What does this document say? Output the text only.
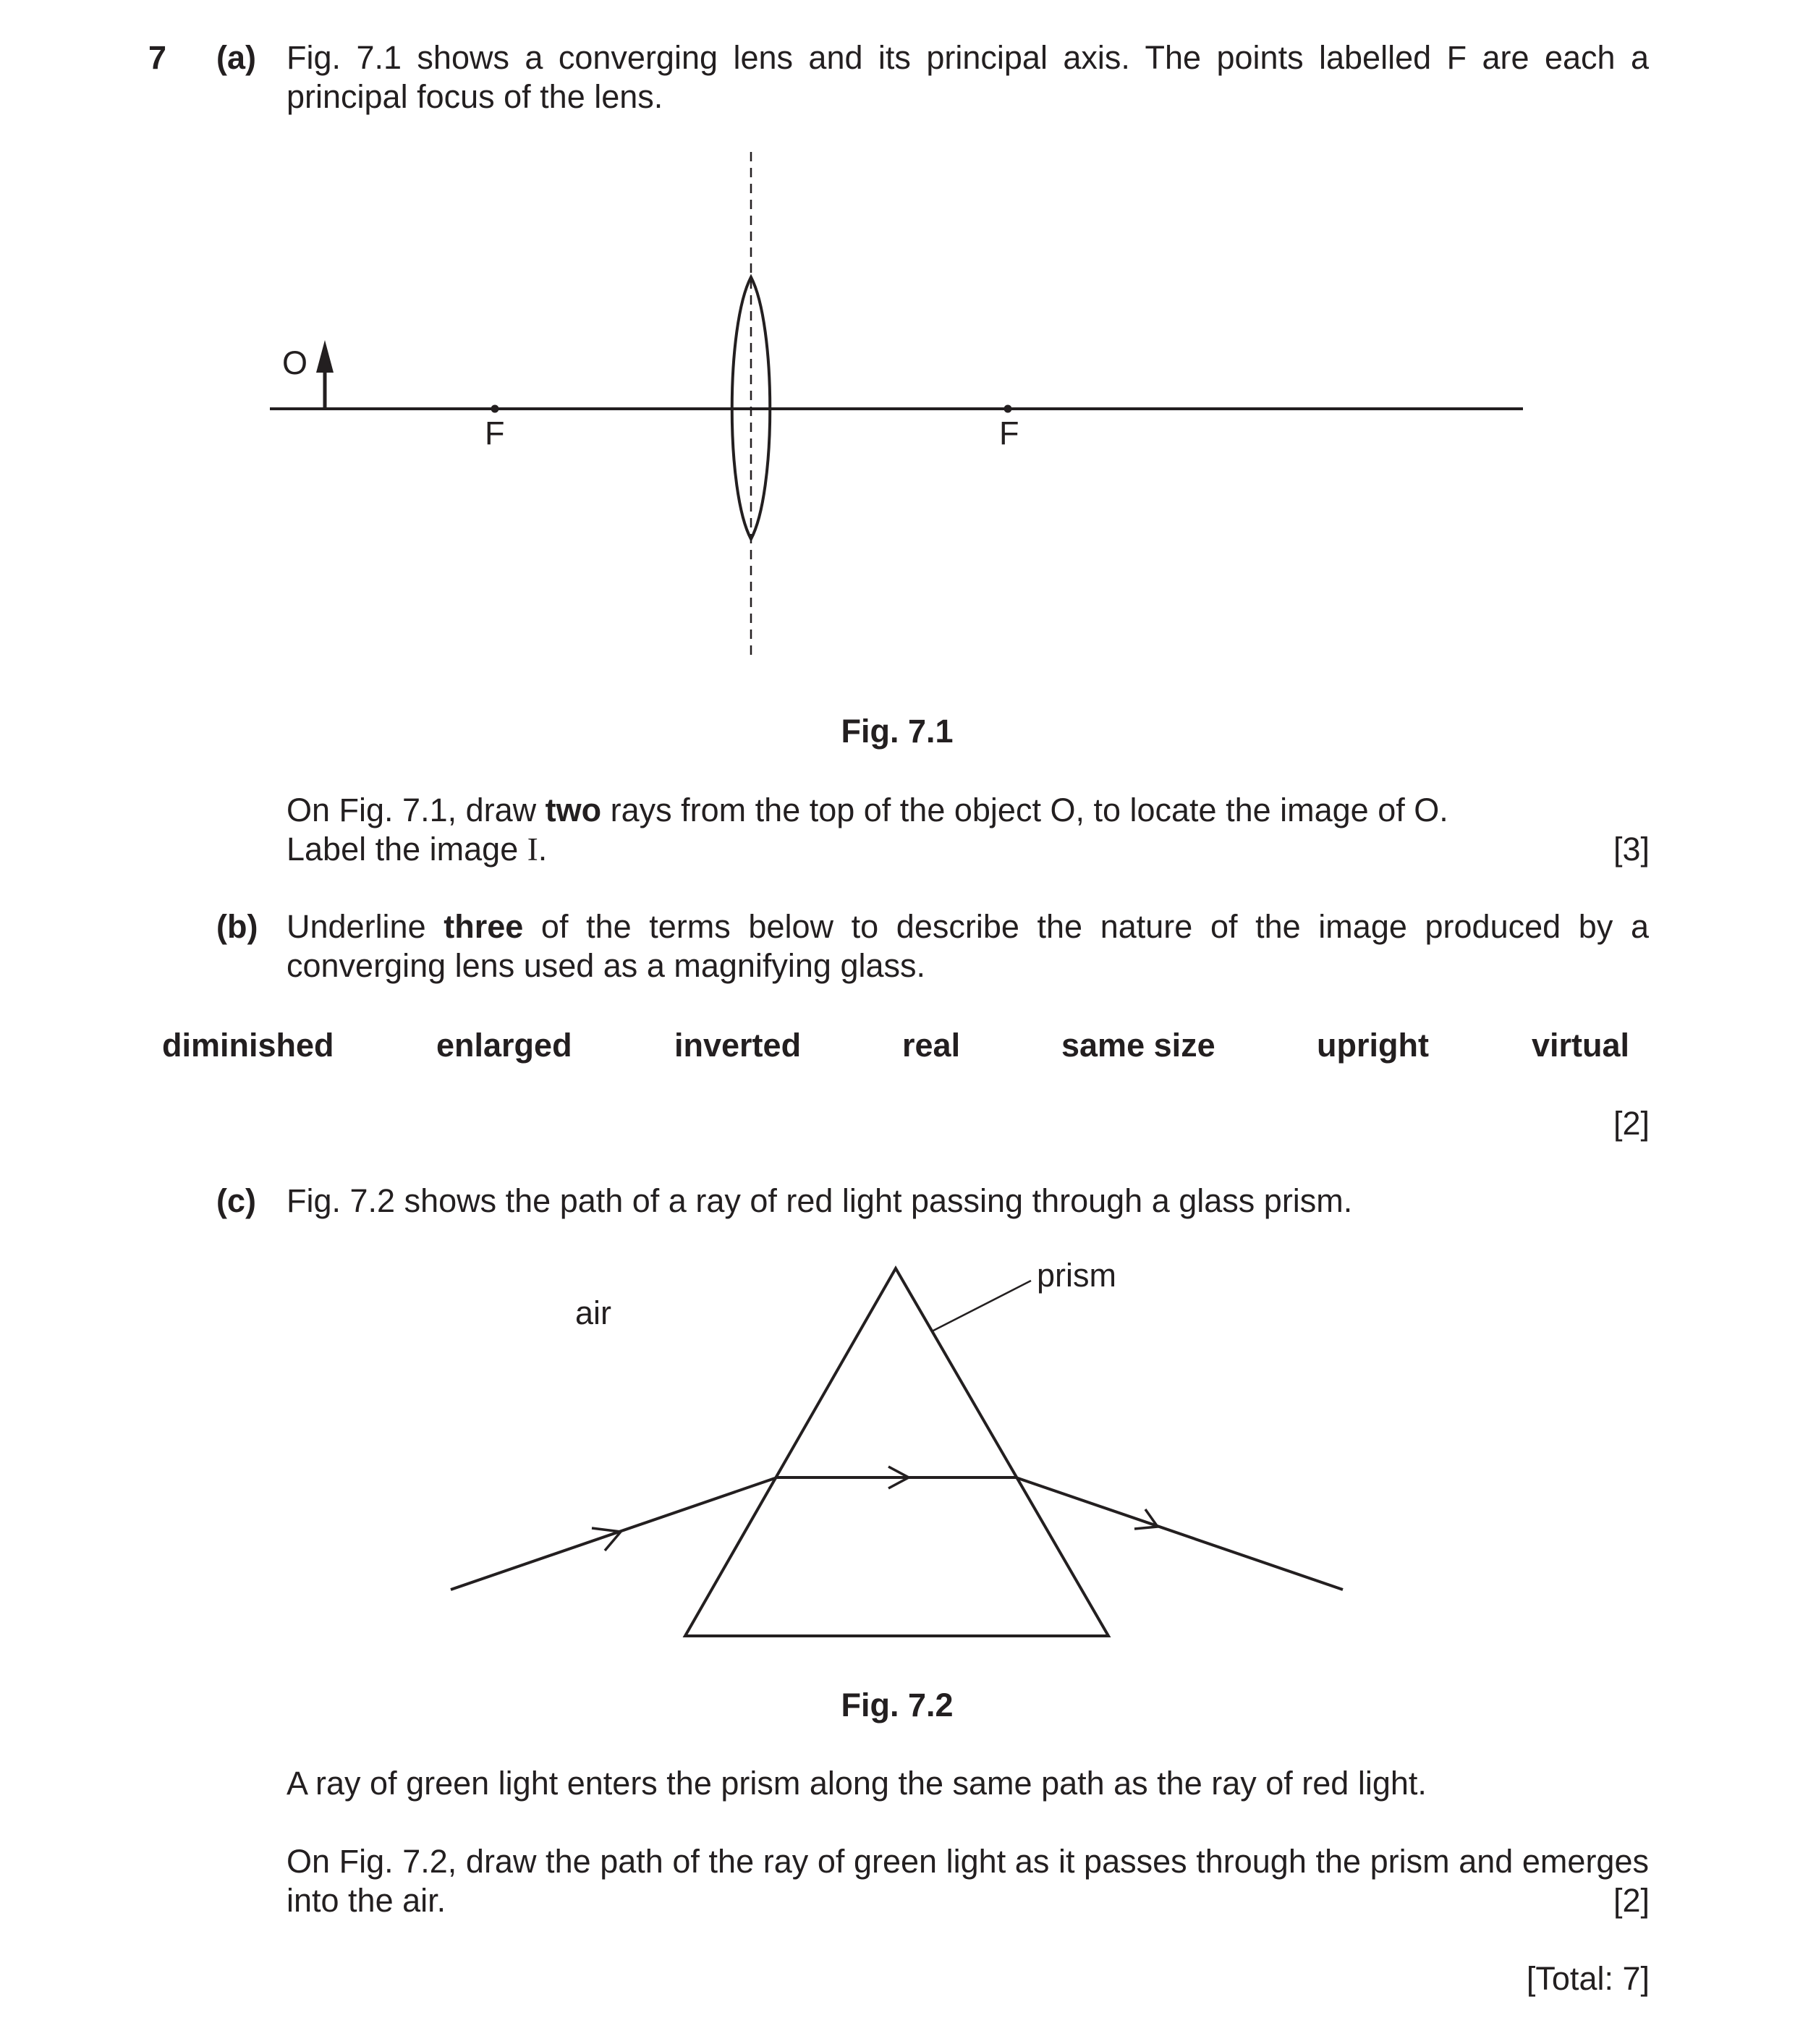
7 (a) Fig. 7.1 shows a converging lens and its principal axis. The points labelled F are each a
principal focus of the lens.
O
F	F
Fig. 7.1
On Fig. 7.1, draw two rays from the top of the object O, to locate the image of O.
Label the image I.	[3]
(b) Underline three of the terms below to describe the nature of the image produced by a
converging lens used as a magnifying glass.
diminished	enlarged	inverted	real	same size	upright	virtual
[2]
(c) Fig. 7.2 shows the path of a ray of red light passing through a glass prism.
prism
air
Fig. 7.2
A ray of green light enters the prism along the same path as the ray of red light.
On Fig. 7.2, draw the path of the ray of green light as it passes through the prism and emerges
into the air.	[2]
[Total: 7]
